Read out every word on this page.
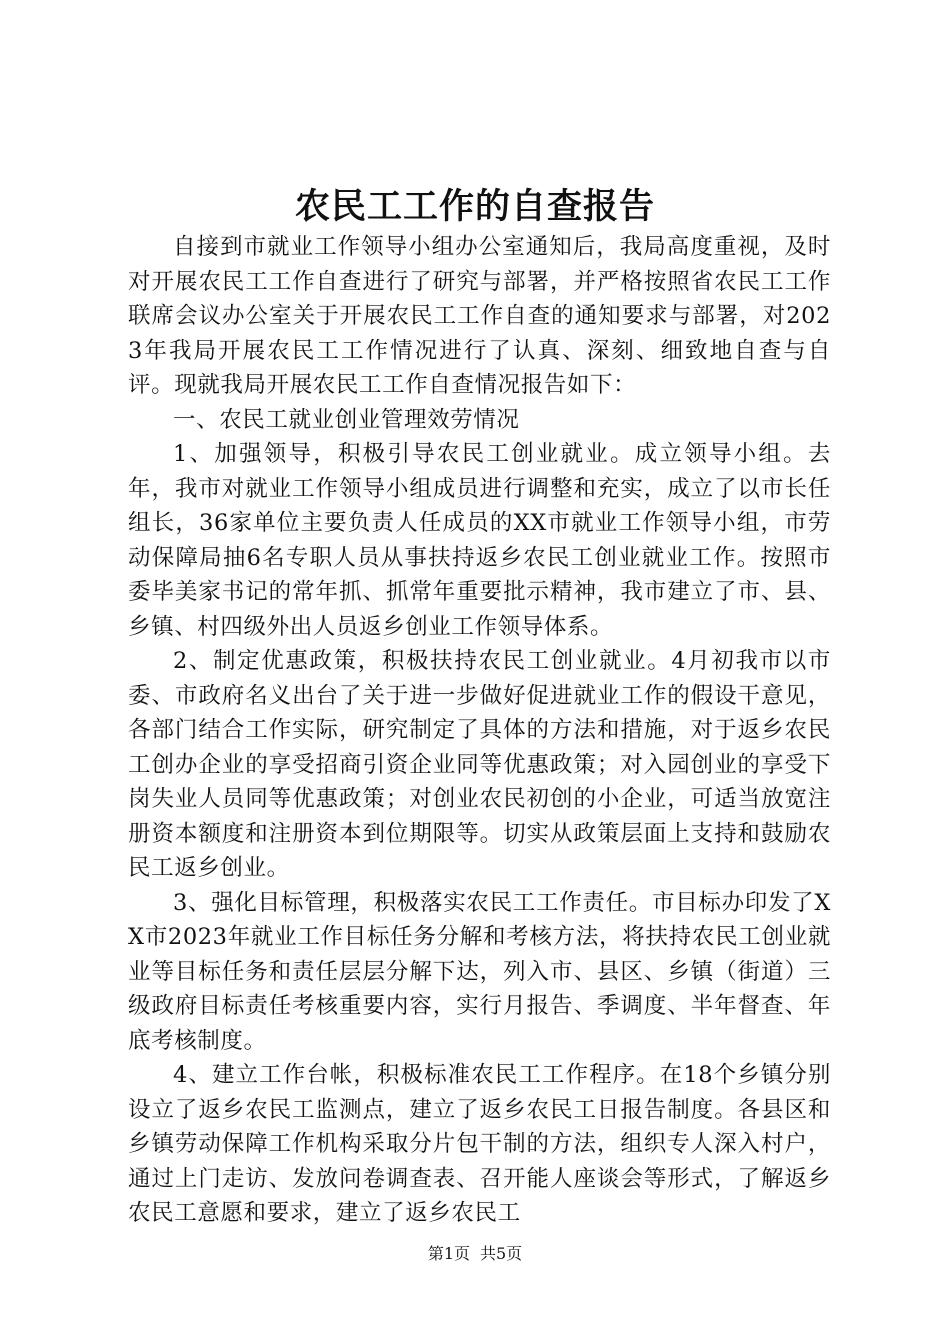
农民工工作的自查报告

自接到市就业工作领导小组办公室通知后，我局高度重视，及时对开展农民工工作自查进行了研究与部署，并严格按照省农民工工作联席会议办公室关于开展农民工工作自查的通知要求与部署，对2023年我局开展农民工工作情况进行了认真、深刻、细致地自查与自评。现就我局开展农民工工作自查情况报告如下：

一、农民工就业创业管理效劳情况

1、加强领导，积极引导农民工创业就业。成立领导小组。去年，我市对就业工作领导小组成员进行调整和充实，成立了以市长任组长，36家单位主要负责人任成员的XX市就业工作领导小组，市劳动保障局抽6名专职人员从事扶持返乡农民工创业就业工作。按照市委毕美家书记的常年抓、抓常年重要批示精神，我市建立了市、县、乡镇、村四级外出人员返乡创业工作领导体系。

2、制定优惠政策，积极扶持农民工创业就业。4月初我市以市委、市政府名义出台了关于进一步做好促进就业工作的假设干意见，各部门结合工作实际，研究制定了具体的方法和措施，对于返乡农民工创办企业的享受招商引资企业同等优惠政策；对入园创业的享受下岗失业人员同等优惠政策；对创业农民初创的小企业，可适当放宽注册资本额度和注册资本到位期限等。切实从政策层面上支持和鼓励农民工返乡创业。

3、强化目标管理，积极落实农民工工作责任。市目标办印发了XX市2023年就业工作目标任务分解和考核方法，将扶持农民工创业就业等目标任务和责任层层分解下达，列入市、县区、乡镇（街道）三级政府目标责任考核重要内容，实行月报告、季调度、半年督查、年底考核制度。

4、建立工作台帐，积极标准农民工工作程序。在18个乡镇分别设立了返乡农民工监测点，建立了返乡农民工日报告制度。各县区和乡镇劳动保障工作机构采取分片包干制的方法，组织专人深入村户，通过上门走访、发放问卷调查表、召开能人座谈会等形式，了解返乡农民工意愿和要求，建立了返乡农民工

第1页 共5页
